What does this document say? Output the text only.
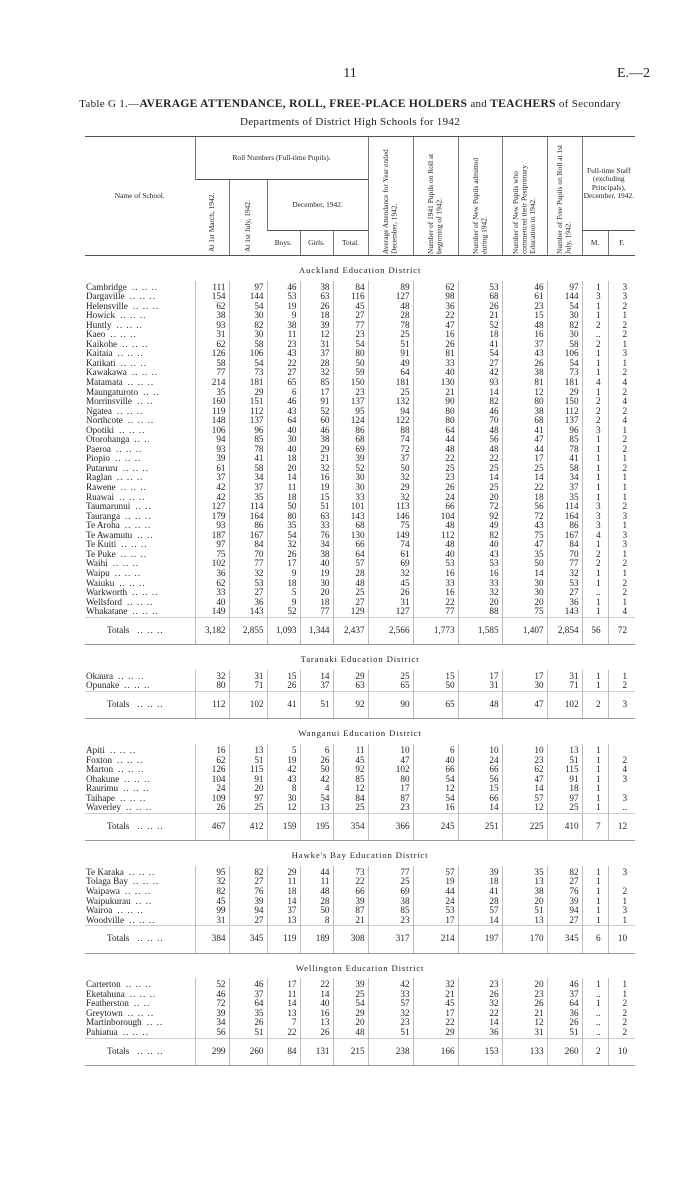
11	E.—2
Table G 1.—AVERAGE ATTENDANCE, ROLL, FREE-PLACE HOLDERS and TEACHERS of Secondary
Departments of District High Schools for 1942
Name of School.	Roll Numbers (Full-time Pupils).					Average Attendance for Year ended December, 1942.	Number of 1941 Pupils on Roll at beginning of 1942.	Number of New Pupils admitted during 1942.	Number of New Pupils who commenced their Postprimary Education in 1942.	Number of Free Pupils on Roll at 1st July, 1942.	Full-time Staff (excluding Principals), December, 1942.	

	At 1st March, 1942.	At 1st July, 1942.	December, 1942.									
			Boys.	Girls.	Total.						M.	F.
Auckland Education District												
Cambridge .. .. ..	111	97	46	38	84	89	62	53	46	97	1	3
Dargaville .. .. ..	154	144	53	63	116	127	98	68	61	144	3	3
Helensville .. .. ..	62	54	19	26	45	48	36	26	23	54	1	2
Howick .. .. ..	38	30	9	18	27	28	22	21	15	30	1	1
Huntly .. .. ..	93	82	38	39	77	78	47	52	48	82	2	2
Kaeo .. .. ..	31	30	11	12	23	25	16	18	16	30	..	2
Kaikohe .. .. ..	62	58	23	31	54	51	26	41	37	58	2	1
Kaitaia .. .. ..	126	106	43	37	80	91	81	54	43	106	1	3
Katikati .. .. ..	58	54	22	28	50	49	33	27	26	54	1	1
Kawakawa .. .. ..	77	73	27	32	59	64	40	42	38	73	1	2
Matamata .. .. ..	214	181	65	85	150	181	130	93	81	181	4	4
Maungaturoto .. ..	35	29	6	17	23	25	21	14	12	29	1	2
Morrinsville .. ..	160	151	46	91	137	132	90	82	80	150	2	4
Ngatea .. .. ..	119	112	43	52	95	94	80	46	38	112	2	2
Northcote .. .. ..	148	137	64	60	124	122	80	70	68	137	2	4
Opotiki .. .. ..	106	96	40	46	86	88	64	48	41	96	3	1
Otorohanga .. ..	94	85	30	38	68	74	44	56	47	85	1	2
Paeroa .. .. ..	93	78	40	29	69	72	48	48	44	78	1	2
Piopio .. .. ..	39	41	18	21	39	37	22	22	17	41	1	1
Putaruru .. .. ..	61	58	20	32	52	50	25	25	25	58	1	2
Raglan .. .. ..	37	34	14	16	30	32	23	14	14	34	1	1
Rawene .. .. ..	42	37	11	19	30	29	26	25	22	37	1	1
Ruawai .. .. ..	42	35	18	15	33	32	24	20	18	35	1	1
Taumarunui .. ..	127	114	50	51	101	113	66	72	56	114	3	2
Tauranga .. .. ..	179	164	80	63	143	146	104	92	72	164	3	3
Te Aroha .. .. ..	93	86	35	33	68	75	48	49	43	86	3	1
Te Awamutu .. ..	187	167	54	76	130	149	112	82	75	167	4	3
Te Kuiti .. .. ..	97	84	32	34	66	74	48	40	47	84	1	3
Te Puke .. .. ..	75	70	26	38	64	61	40	43	35	70	2	1
Waihi .. .. ..	102	77	17	40	57	69	53	53	50	77	2	2
Waipu .. .. ..	36	32	9	19	28	32	16	16	14	32	1	1
Waiuku .. .. ..	62	53	18	30	48	45	33	33	30	53	1	2
Warkworth .. .. ..	33	27	5	20	25	26	16	32	30	27	..	2
Wellsford .. .. ..	40	36	9	18	27	31	22	20	20	36	1	1
Whakatane .. .. ..	149	143	52	77	129	127	77	88	75	143	1	4
Totals .. .. ..	3,182	2,855	1,093	1,344	2,437	2,566	1,773	1,585	1,407	2,854	56	72
Taranaki Education District												
Okaura .. .. ..	32	31	15	14	29	25	15	17	17	31	1	1
Opunake .. .. ..	80	71	26	37	63	65	50	31	30	71	1	2
Totals .. .. ..	112	102	41	51	92	90	65	48	47	102	2	3
Wanganui Education District												
Apiti .. .. ..	16	13	5	6	11	10	6	10	10	13	1	
Foxton .. .. ..	62	51	19	26	45	47	40	24	23	51	1	2
Marton .. .. ..	126	115	42	50	92	102	66	66	62	115	1	4
Ohakune .. .. ..	104	91	43	42	85	80	54	56	47	91	1	3
Raurimu .. .. ..	24	20	8	4	12	17	12	15	14	18	1	
Taihape .. .. ..	109	97	30	54	84	87	54	66	57	97	1	3
Waverley .. .. ..	26	25	12	13	25	23	16	14	12	25	1	..
Totals .. .. ..	467	412	159	195	354	366	245	251	225	410	7	12
Hawke's Bay Education District												
Te Karaka .. .. ..	95	82	29	44	73	77	57	39	35	82	1	3
Tolaga Bay .. .. ..	32	27	11	11	22	25	19	18	13	27	1	
Waipawa .. .. ..	82	76	18	48	66	69	44	41	38	76	1	2
Waipukurau .. ..	45	39	14	28	39	38	24	28	20	39	1	1
Wairoa .. .. ..	99	94	37	50	87	85	53	57	51	94	1	3
Woodville .. .. ..	31	27	13	8	21	23	17	14	13	27	1	1
Totals .. .. ..	384	345	119	189	308	317	214	197	170	345	6	10
Wellington Education District												
Carterton .. .. ..	52	46	17	22	39	42	32	23	20	46	1	1
Eketahuna .. .. ..	46	37	11	14	25	33	21	26	23	37	..	1
Featherston .. ..	72	64	14	40	54	57	45	32	26	64	1	2
Greytown .. .. ..	39	35	13	16	29	32	17	22	21	36	..	2
Martinborough .. ..	34	26	7	13	20	23	22	14	12	26	..	2
Pahiatua .. .. ..	56	51	22	26	48	51	29	36	31	51	..	2
Totals .. .. ..	299	260	84	131	215	238	166	153	133	260	2	10
